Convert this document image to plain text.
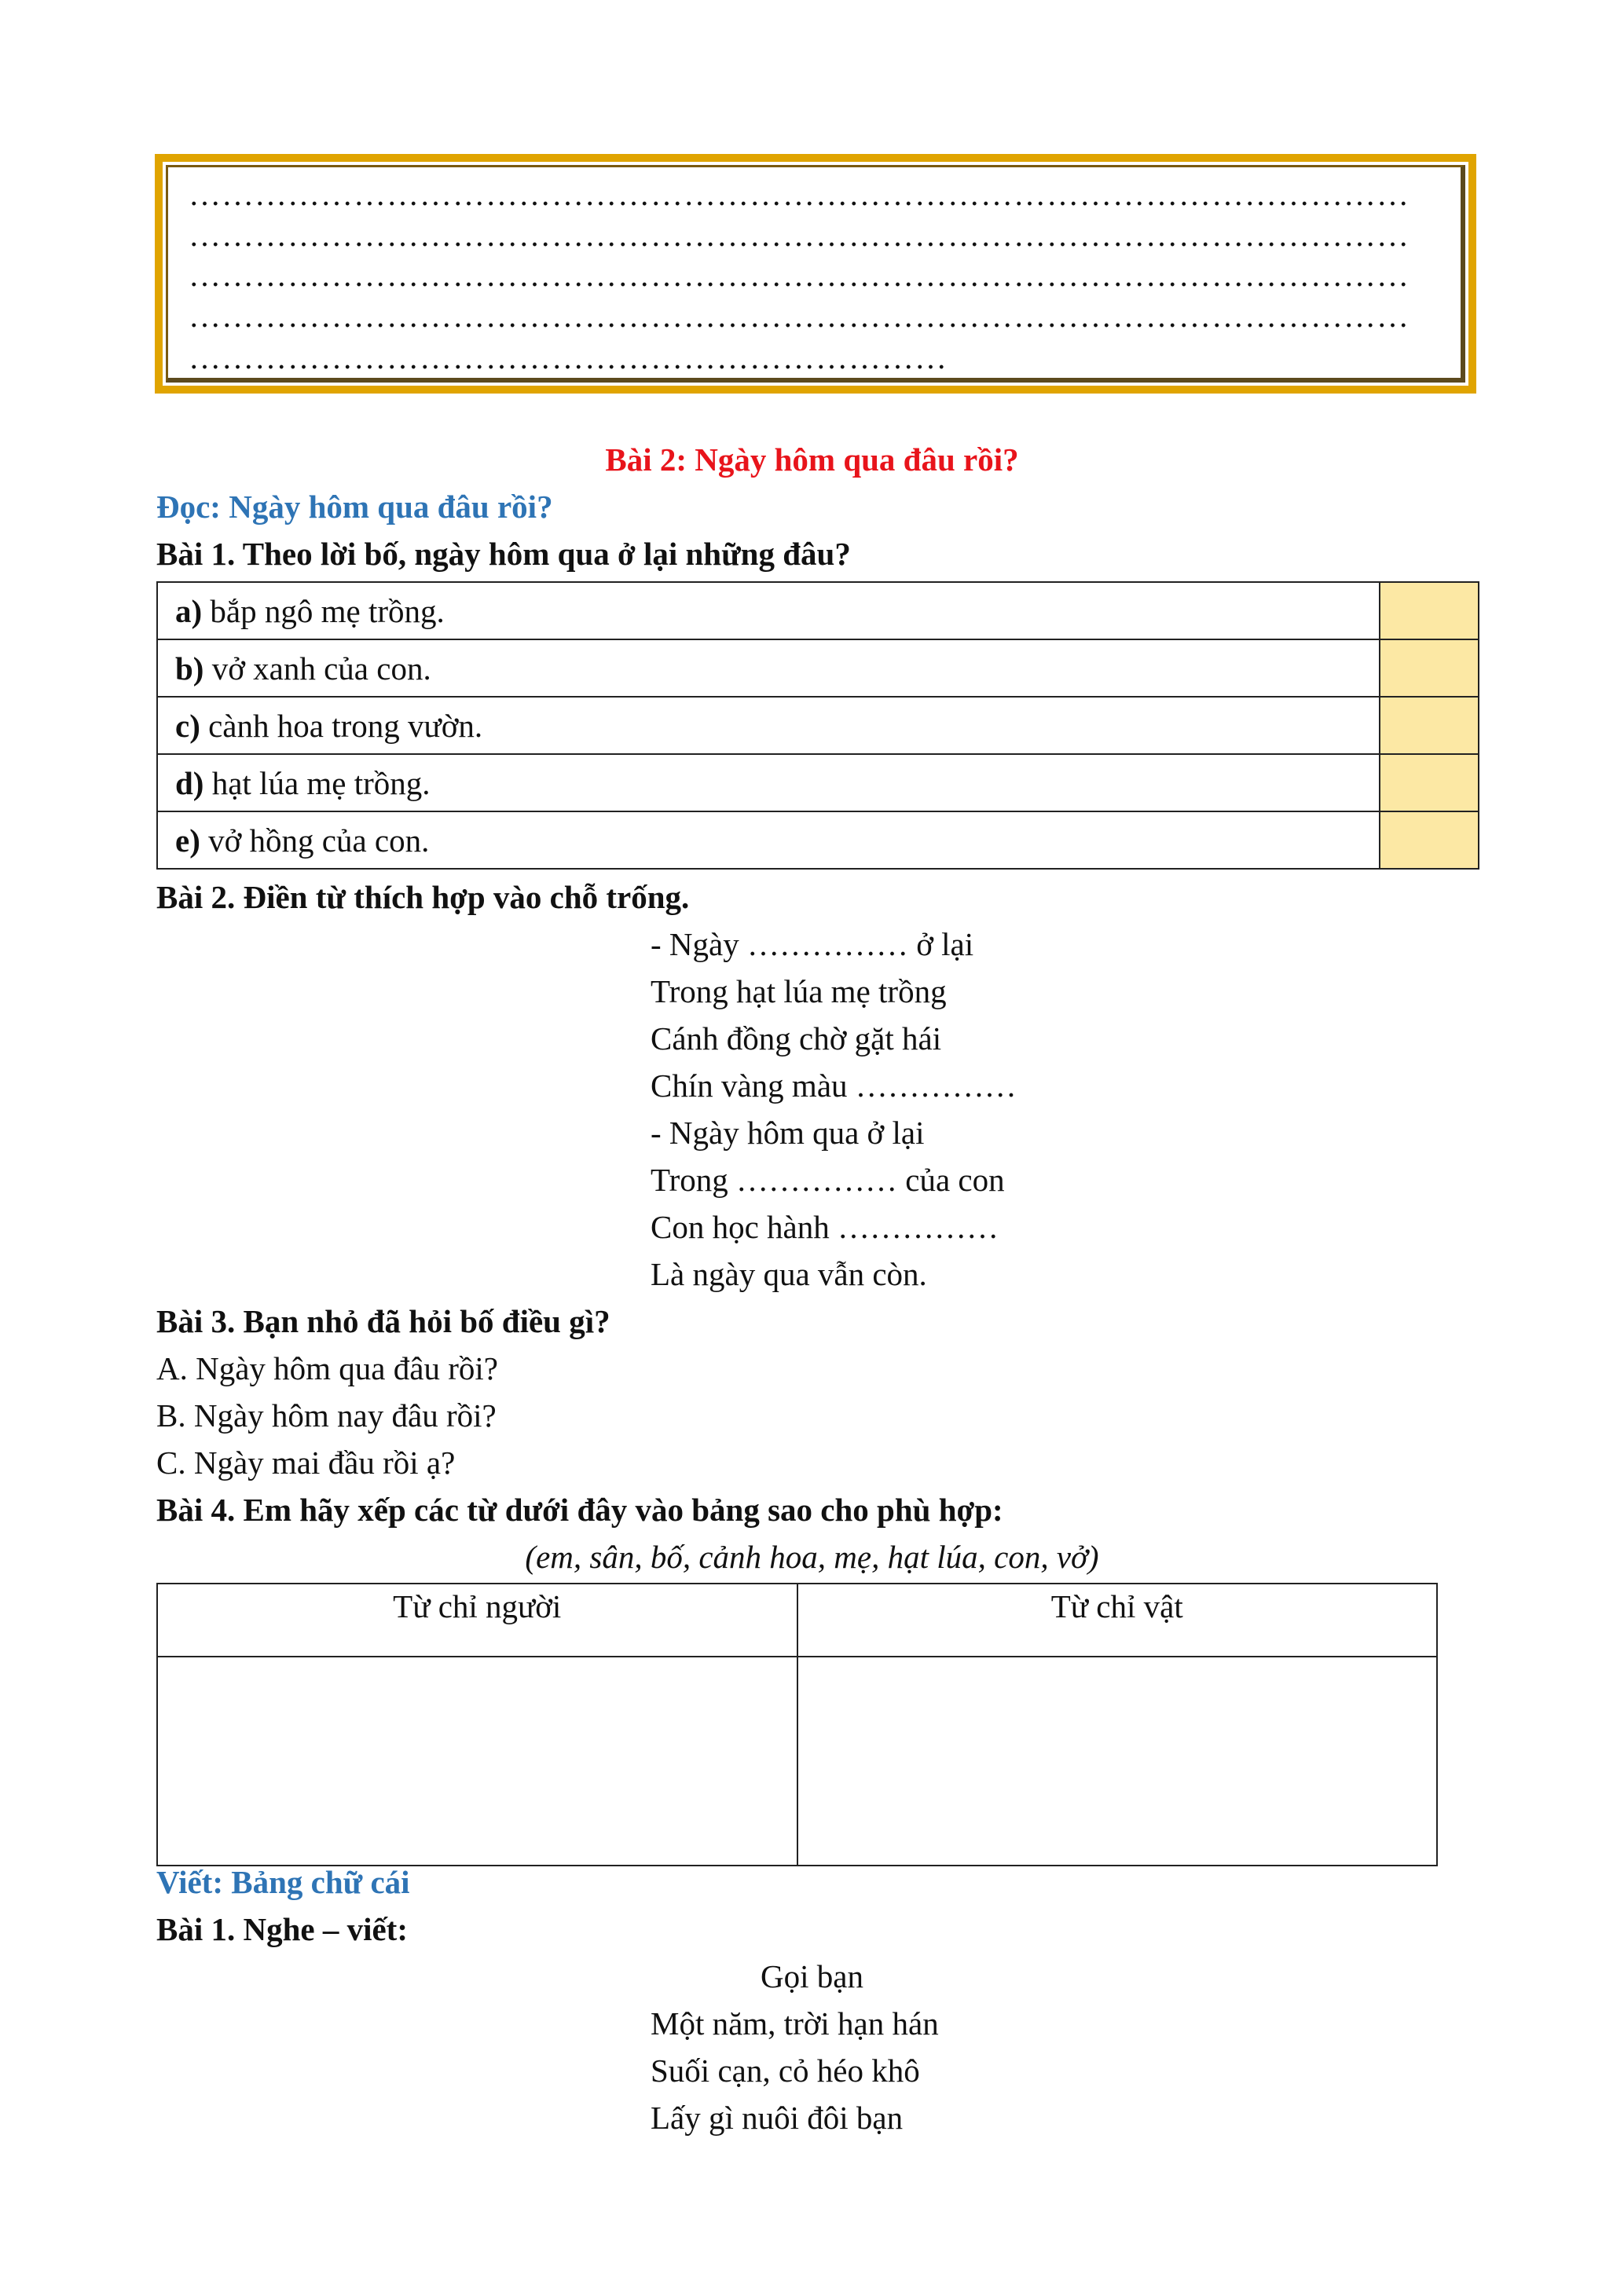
…………………………………………………………………………………………………
…………………………………………………………………………………………………
…………………………………………………………………………………………………
…………………………………………………………………………………………………
……………………………………………………………
Bài 2: Ngày hôm qua đâu rồi?
Đọc: Ngày hôm qua đâu rồi?
Bài 1. Theo lời bố, ngày hôm qua ở lại những đâu?
a) bắp ngô mẹ trồng.	
b) vở xanh của con.	
c) cành hoa trong vườn.	
d) hạt lúa mẹ trồng.	
e) vở hồng của con.	
Bài 2. Điền từ thích hợp vào chỗ trống.
- Ngày …………… ở lại
Trong hạt lúa mẹ trồng
Cánh đồng chờ gặt hái
Chín vàng màu ……………
- Ngày hôm qua ở lại
Trong …………… của con
Con học hành ……………
Là ngày qua vẫn còn.
Bài 3. Bạn nhỏ đã hỏi bố điều gì?
A. Ngày hôm qua đâu rồi?
B. Ngày hôm nay đâu rồi?
C. Ngày mai đầu rồi ạ?
Bài 4. Em hãy xếp các từ dưới đây vào bảng sao cho phù hợp:
(em, sân, bố, cảnh hoa, mẹ, hạt lúa, con, vở)
Từ chỉ người	Từ chỉ vật

Viết: Bảng chữ cái
Bài 1. Nghe – viết:
Gọi bạn
Một năm, trời hạn hán
Suối cạn, cỏ héo khô
Lấy gì nuôi đôi bạn
